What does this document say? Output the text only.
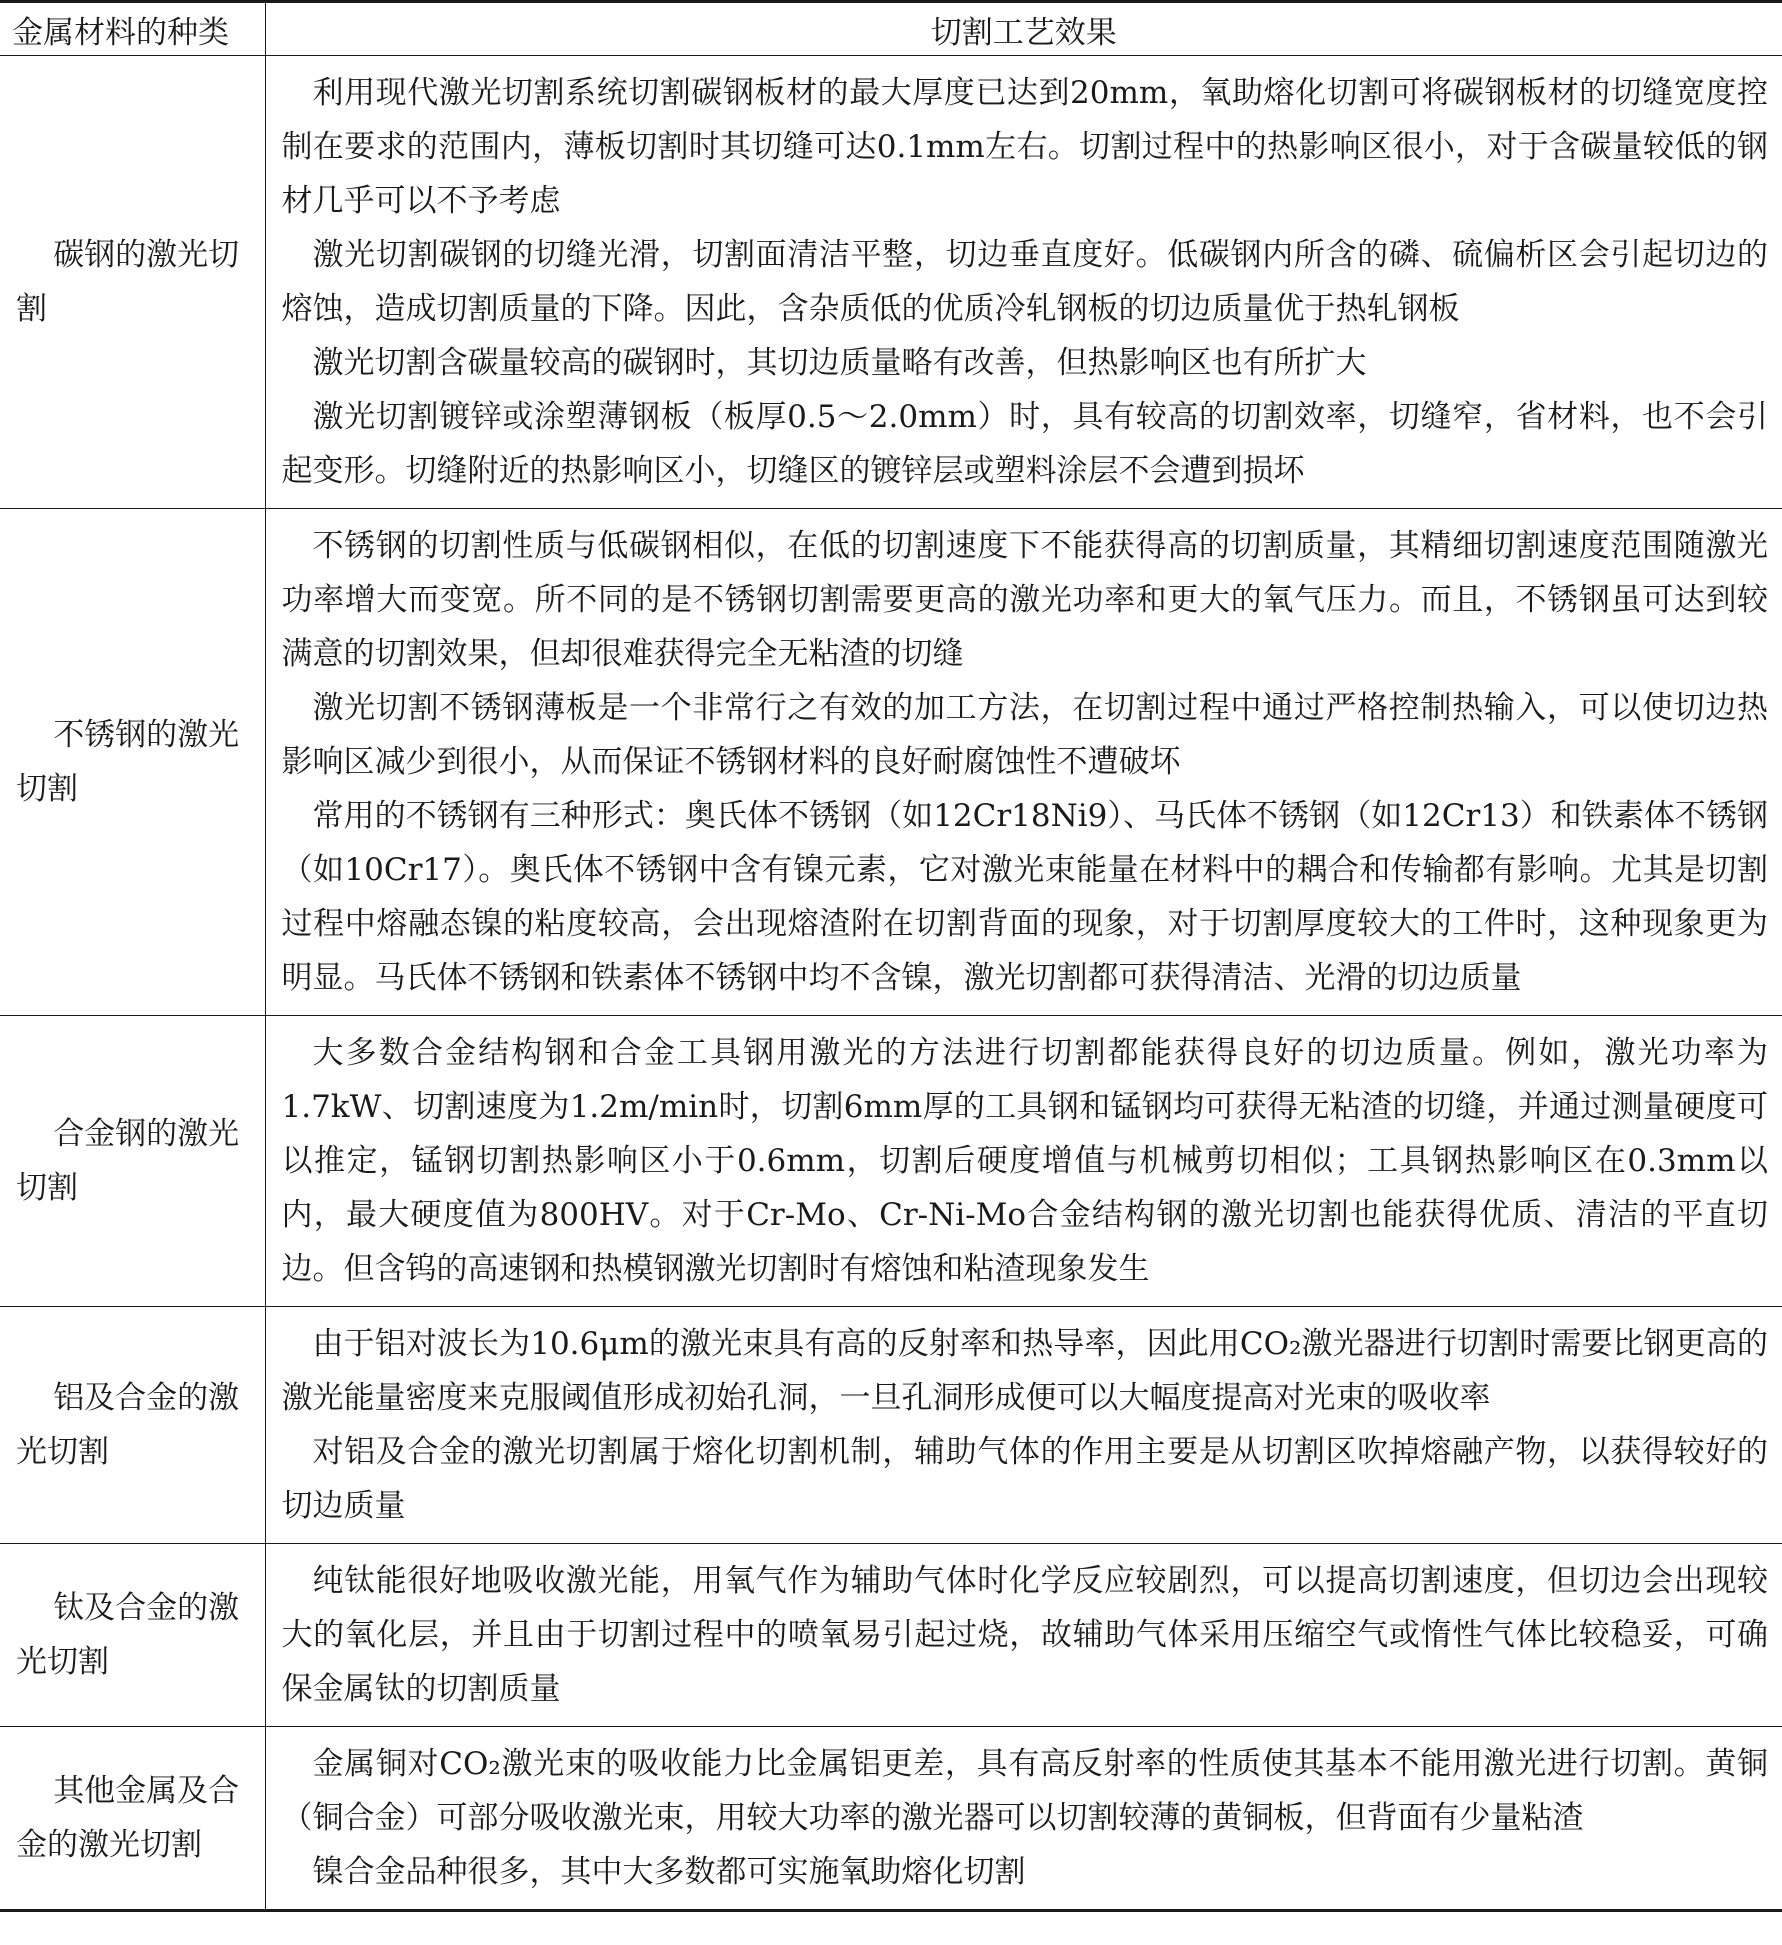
金属材料的种类	切割工艺效果
碳钢的激光切割	利用现代激光切割系统切割碳钢板材的最大厚度已达到20mm，氧助熔化切割可将碳钢板材的切缝宽度控制在要求的范围内，薄板切割时其切缝可达0.1mm左右。切割过程中的热影响区很小，对于含碳量较低的钢材几乎可以不予考虑

激光切割碳钢的切缝光滑，切割面清洁平整，切边垂直度好。低碳钢内所含的磷、硫偏析区会引起切边的熔蚀，造成切割质量的下降。因此，含杂质低的优质冷轧钢板的切边质量优于热轧钢板

激光切割含碳量较高的碳钢时，其切边质量略有改善，但热影响区也有所扩大

激光切割镀锌或涂塑薄钢板（板厚0.5～2.0mm）时，具有较高的切割效率，切缝窄，省材料，也不会引起变形。切缝附近的热影响区小，切缝区的镀锌层或塑料涂层不会遭到损坏

不锈钢的激光切割	不锈钢的切割性质与低碳钢相似，在低的切割速度下不能获得高的切割质量，其精细切割速度范围随激光功率增大而变宽。所不同的是不锈钢切割需要更高的激光功率和更大的氧气压力。而且，不锈钢虽可达到较满意的切割效果，但却很难获得完全无粘渣的切缝

激光切割不锈钢薄板是一个非常行之有效的加工方法，在切割过程中通过严格控制热输入，可以使切边热影响区减少到很小，从而保证不锈钢材料的良好耐腐蚀性不遭破坏

常用的不锈钢有三种形式：奥氏体不锈钢（如12Cr18Ni9）、马氏体不锈钢（如12Cr13）和铁素体不锈钢（如10Cr17）。奥氏体不锈钢中含有镍元素，它对激光束能量在材料中的耦合和传输都有影响。尤其是切割过程中熔融态镍的粘度较高，会出现熔渣附在切割背面的现象，对于切割厚度较大的工件时，这种现象更为明显。马氏体不锈钢和铁素体不锈钢中均不含镍，激光切割都可获得清洁、光滑的切边质量

合金钢的激光切割	大多数合金结构钢和合金工具钢用激光的方法进行切割都能获得良好的切边质量。例如，激光功率为1.7kW、切割速度为1.2m/min时，切割6mm厚的工具钢和锰钢均可获得无粘渣的切缝，并通过测量硬度可以推定，锰钢切割热影响区小于0.6mm，切割后硬度增值与机械剪切相似；工具钢热影响区在0.3mm以内，最大硬度值为800HV。对于Cr-Mo、Cr-Ni-Mo合金结构钢的激光切割也能获得优质、清洁的平直切边。但含钨的高速钢和热模钢激光切割时有熔蚀和粘渣现象发生

铝及合金的激光切割	由于铝对波长为10.6μm的激光束具有高的反射率和热导率，因此用CO₂激光器进行切割时需要比钢更高的激光能量密度来克服阈值形成初始孔洞，一旦孔洞形成便可以大幅度提高对光束的吸收率

对铝及合金的激光切割属于熔化切割机制，辅助气体的作用主要是从切割区吹掉熔融产物，以获得较好的切边质量

钛及合金的激光切割	纯钛能很好地吸收激光能，用氧气作为辅助气体时化学反应较剧烈，可以提高切割速度，但切边会出现较大的氧化层，并且由于切割过程中的喷氧易引起过烧，故辅助气体采用压缩空气或惰性气体比较稳妥，可确保金属钛的切割质量

其他金属及合金的激光切割	金属铜对CO₂激光束的吸收能力比金属铝更差，具有高反射率的性质使其基本不能用激光进行切割。黄铜（铜合金）可部分吸收激光束，用较大功率的激光器可以切割较薄的黄铜板，但背面有少量粘渣

镍合金品种很多，其中大多数都可实施氧助熔化切割
